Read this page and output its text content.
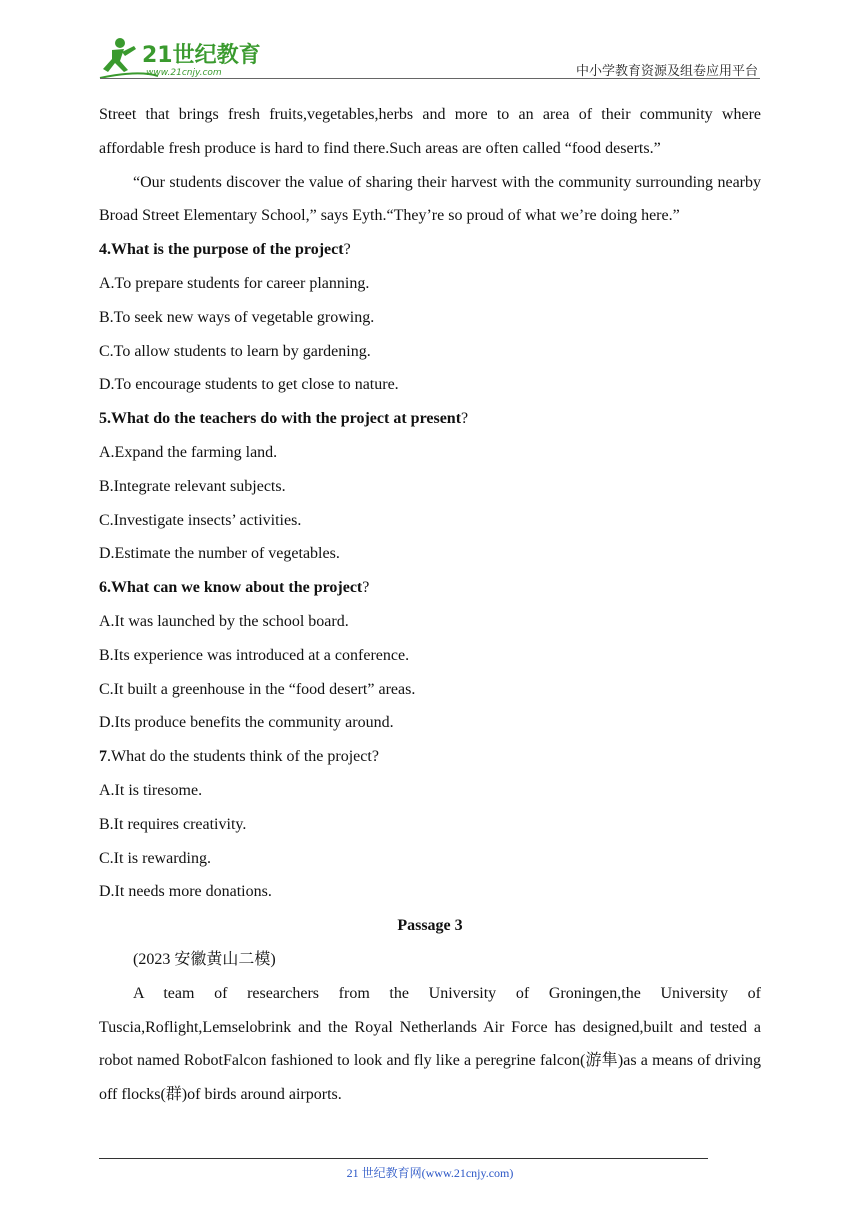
21世纪教育
www.21cnjy.com	中小学教育资源及组卷应用平台

Street that brings fresh fruits,vegetables,herbs and more to an area of their community where affordable fresh produce is hard to find there.Such areas are often called “food deserts.”

“Our students discover the value of sharing their harvest with the community surrounding nearby Broad Street Elementary School,” says Eyth.“They’re so proud of what we’re doing here.”

4.What is the purpose of the project?

A.To prepare students for career planning.

B.To seek new ways of vegetable growing.

C.To allow students to learn by gardening.

D.To encourage students to get close to nature.

5.What do the teachers do with the project at present?

A.Expand the farming land.

B.Integrate relevant subjects.

C.Investigate insects’ activities.

D.Estimate the number of vegetables.

6.What can we know about the project?

A.It was launched by the school board.

B.Its experience was introduced at a conference.

C.It built a greenhouse in the “food desert” areas.

D.Its produce benefits the community around.

7.What do the students think of the project?

A.It is tiresome.

B.It requires creativity.

C.It is rewarding.

D.It needs more donations.

Passage 3

(2023 安徽黄山二模)

A team of researchers from the University of Groningen,the University of

Tuscia,Roflight,Lemselobrink and the Royal Netherlands Air Force has designed,built and tested a robot named RobotFalcon fashioned to look and fly like a peregrine falcon(游隼)as a means of driving off flocks(群)of birds around airports.

21 世纪教育网(www.21cnjy.com)
